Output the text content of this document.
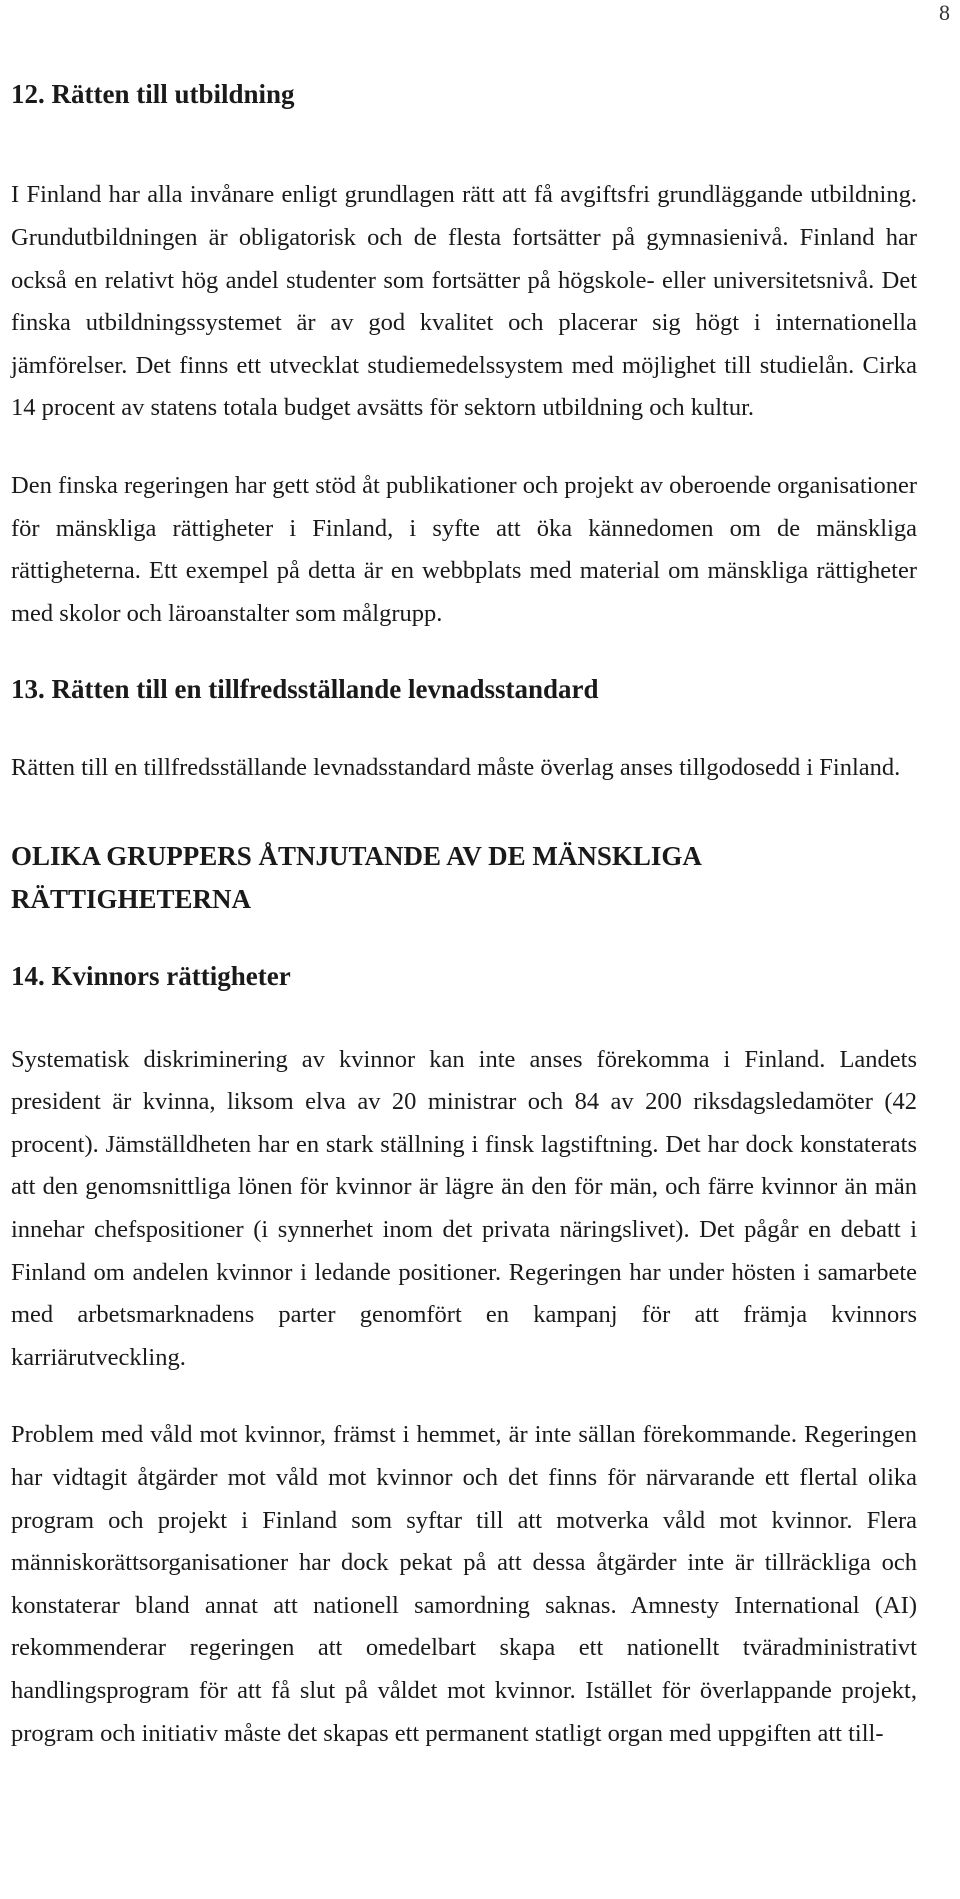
8
12. Rätten till utbildning

I Finland har alla invånare enligt grundlagen rätt att få avgiftsfri grundläggande utbildning. Grundutbildningen är obligatorisk och de flesta fortsätter på gymnasienivå. Finland har också en relativt hög andel studenter som fortsätter på högskole- eller universitetsnivå. Det finska utbildningssystemet är av god kvalitet och placerar sig högt i internationella jämförelser. Det finns ett utvecklat studiemedelssystem med möjlighet till studielån. Cirka 14 procent av statens totala budget avsätts för sektorn utbildning och kultur.

Den finska regeringen har gett stöd åt publikationer och projekt av oberoende organisationer för mänskliga rättigheter i Finland, i syfte att öka kännedomen om de mänskliga rättigheterna. Ett exempel på detta är en webbplats med material om mänskliga rättigheter med skolor och läroanstalter som målgrupp.

13. Rätten till en tillfredsställande levnadsstandard

Rätten till en tillfredsställande levnadsstandard måste överlag anses tillgodosedd i Finland.

OLIKA GRUPPERS ÅTNJUTANDE AV DE MÄNSKLIGA RÄTTIGHETERNA
14. Kvinnors rättigheter

Systematisk diskriminering av kvinnor kan inte anses förekomma i Finland. Landets president är kvinna, liksom elva av 20 ministrar och 84 av 200 riksdagsledamöter (42 procent). Jämställdheten har en stark ställning i finsk lagstiftning. Det har dock konstaterats att den genomsnittliga lönen för kvinnor är lägre än den för män, och färre kvinnor än män innehar chefspositioner (i synnerhet inom det privata näringslivet). Det pågår en debatt i Finland om andelen kvinnor i ledande positioner. Regeringen har under hösten i samarbete med arbetsmarknadens parter genomfört en kampanj för att främja kvinnors karriärutveckling.

Problem med våld mot kvinnor, främst i hemmet, är inte sällan förekommande. Regeringen har vidtagit åtgärder mot våld mot kvinnor och det finns för närvarande ett flertal olika program och projekt i Finland som syftar till att motverka våld mot kvinnor. Flera människorättsorganisationer har dock pekat på att dessa åtgärder inte är tillräckliga och konstaterar bland annat att nationell samordning saknas. Amnesty International (AI) rekommenderar regeringen att omedelbart skapa ett nationellt tväradministrativt handlingsprogram för att få slut på våldet mot kvinnor. Istället för överlappande projekt, program och initiativ måste det skapas ett permanent statligt organ med uppgiften att till-
